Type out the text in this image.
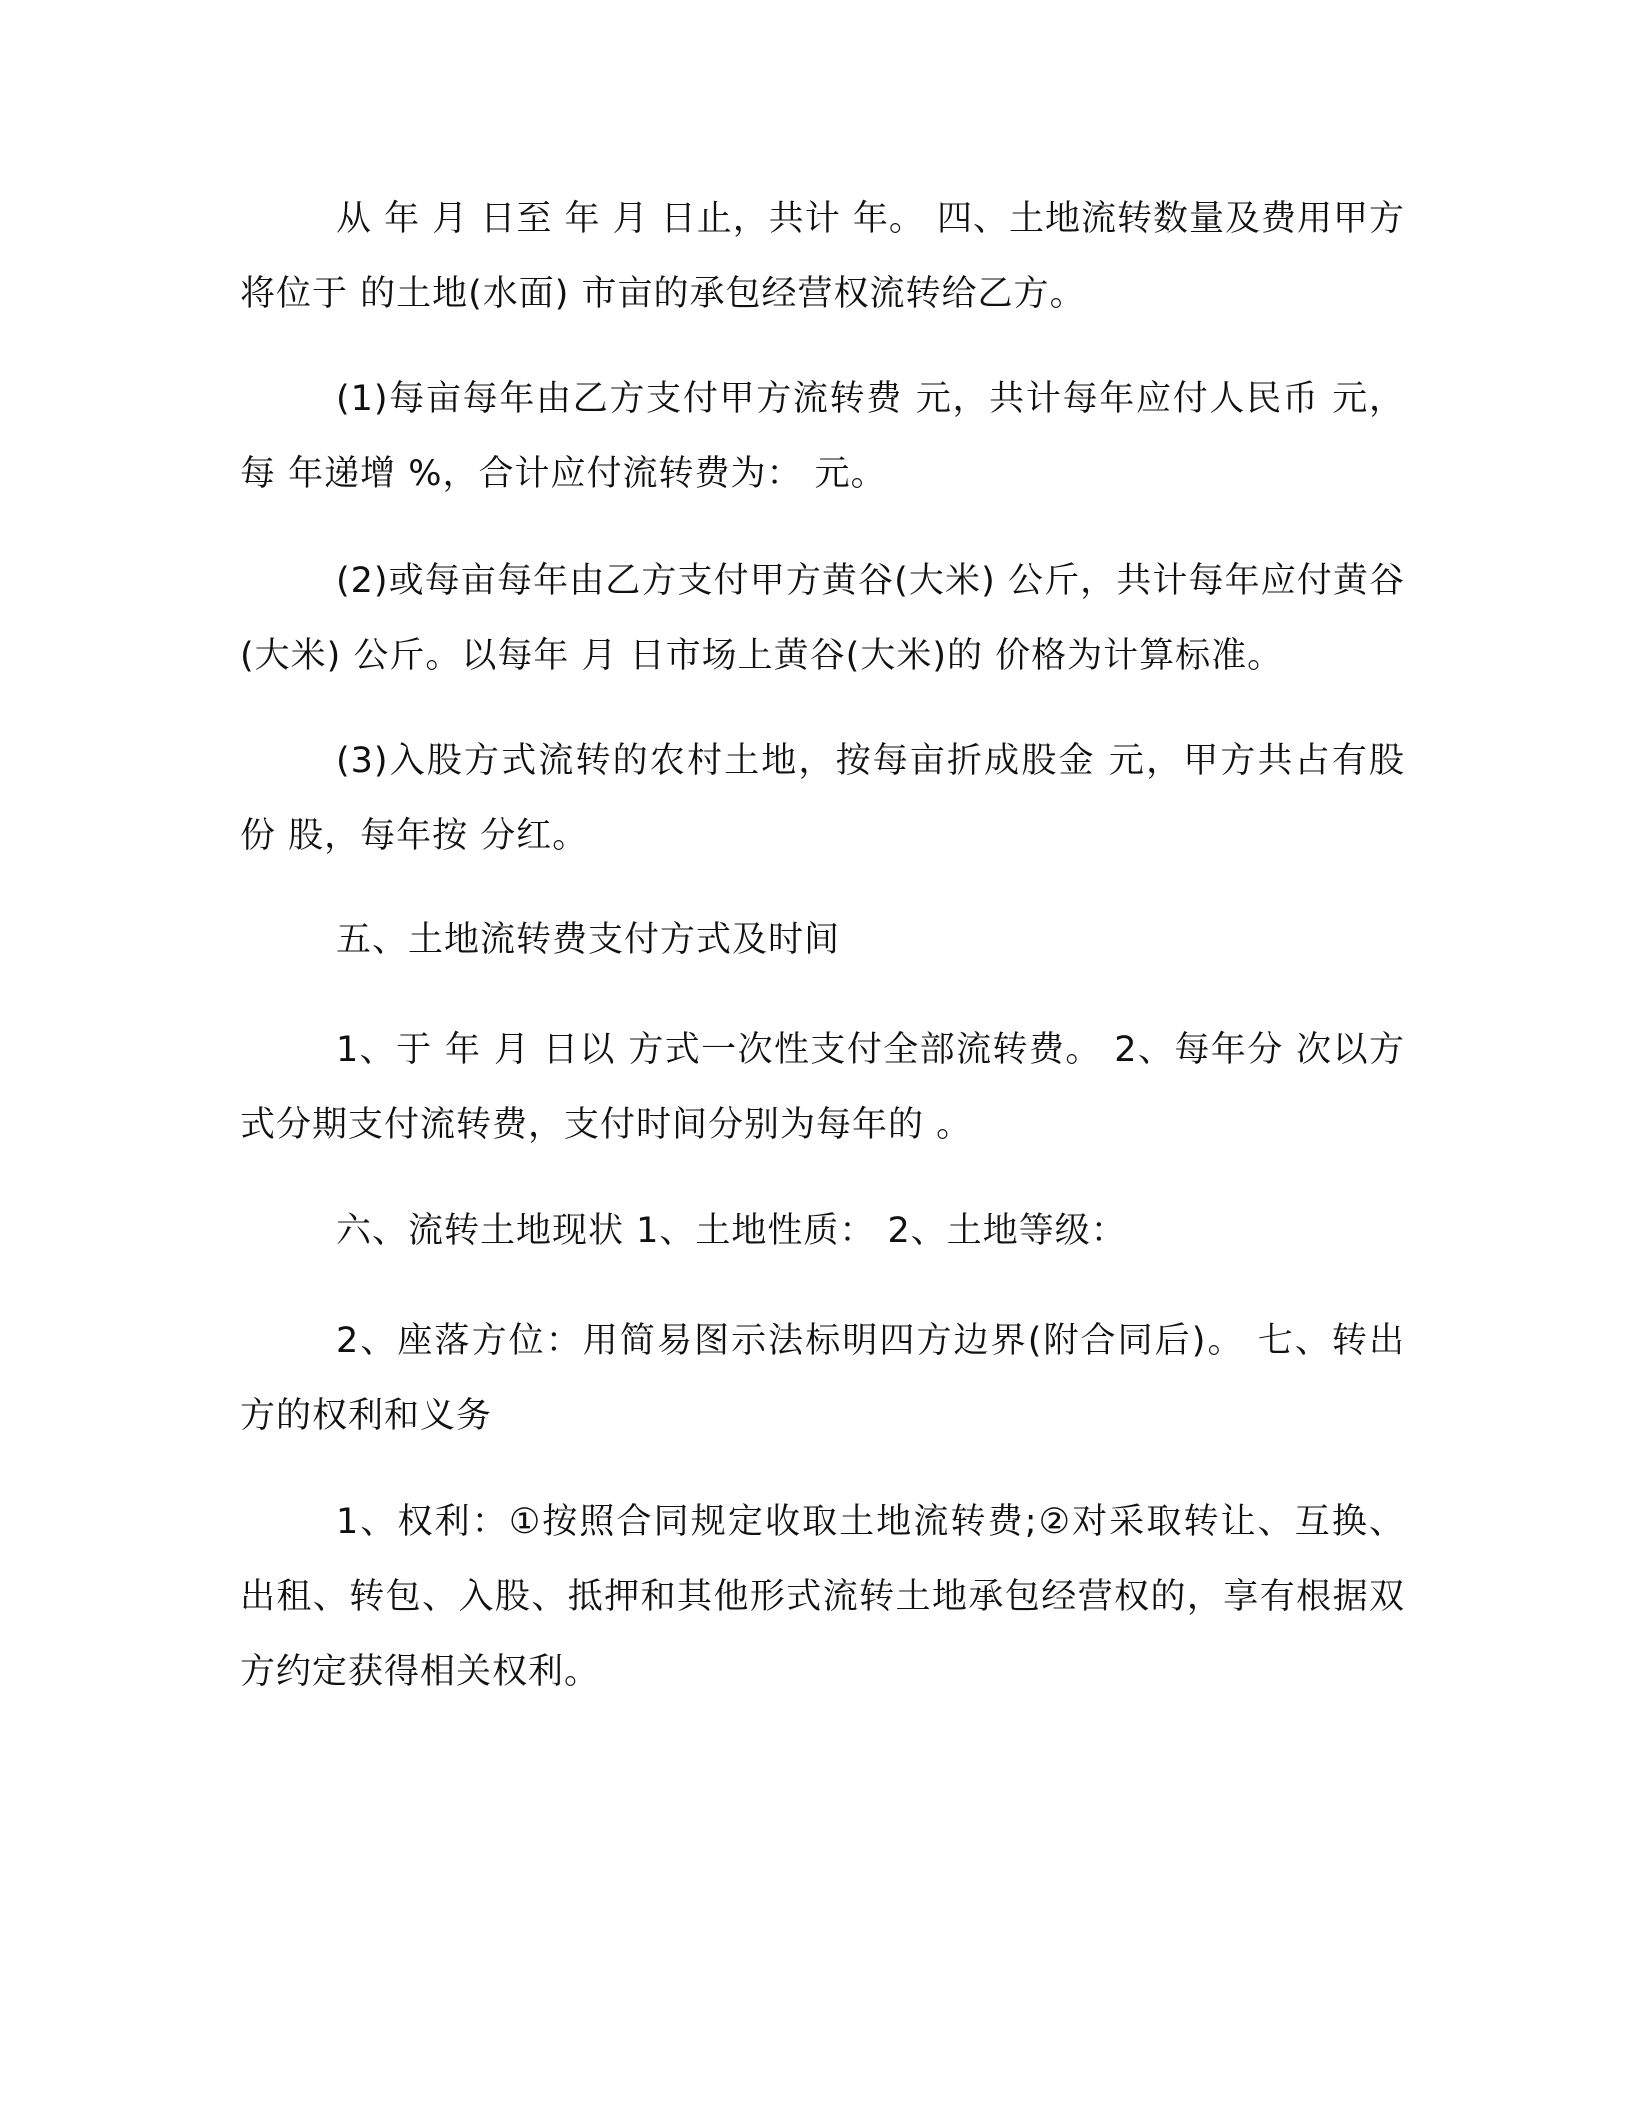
从 年 月 日至 年 月 日止，共计 年。 四、土地流转数量及费用甲方将位于 的土地(水面) 市亩的承包经营权流转给乙方。

(1)每亩每年由乙方支付甲方流转费 元，共计每年应付人民币 元，每 年递增 %，合计应付流转费为： 元。

(2)或每亩每年由乙方支付甲方黄谷(大米) 公斤，共计每年应付黄谷(大米) 公斤。以每年 月 日市场上黄谷(大米)的 价格为计算标准。

(3)入股方式流转的农村土地，按每亩折成股金 元，甲方共占有股份 股，每年按 分红。

五、土地流转费支付方式及时间

1、于 年 月 日以 方式一次性支付全部流转费。 2、每年分 次以方式分期支付流转费，支付时间分别为每年的 。

六、流转土地现状 1、土地性质： 2、土地等级：

2、座落方位：用简易图示法标明四方边界(附合同后)。 七、转出方的权利和义务

1、权利：①按照合同规定收取土地流转费;②对采取转让、互换、出租、转包、入股、抵押和其他形式流转土地承包经营权的，享有根据双方约定获得相关权利。
